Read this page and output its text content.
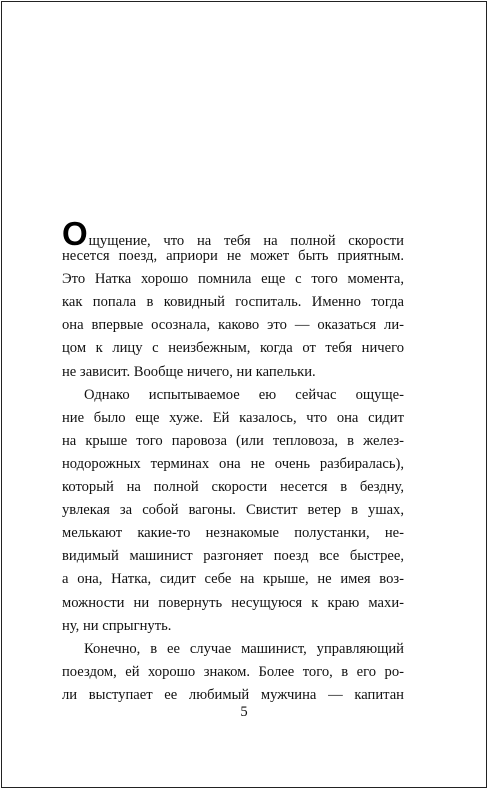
О щущение, что на тебя на полной скорости
несется поезд, априори не может быть приятным.
Это Натка хорошо помнила еще с того момента,
как попала в ковидный госпиталь. Именно тогда
она впервые осознала, каково это — оказаться ли-
цом к лицу с неизбежным, когда от тебя ничего
не зависит. Вообще ничего, ни капельки.
Однако испытываемое ею сейчас ощуще-
ние было еще хуже. Ей казалось, что она сидит
на крыше того паровоза (или тепловоза, в желез-
нодорожных терминах она не очень разбиралась),
который на полной скорости несется в бездну,
увлекая за собой вагоны. Свистит ветер в ушах,
мелькают какие-то незнакомые полустанки, не-
видимый машинист разгоняет поезд все быстрее,
а она, Натка, сидит себе на крыше, не имея воз-
можности ни повернуть несущуюся к краю махи-
ну, ни спрыгнуть.
Конечно, в ее случае машинист, управляющий
поездом, ей хорошо знаком. Более того, в его ро-
ли выступает ее любимый мужчина — капитан
5
